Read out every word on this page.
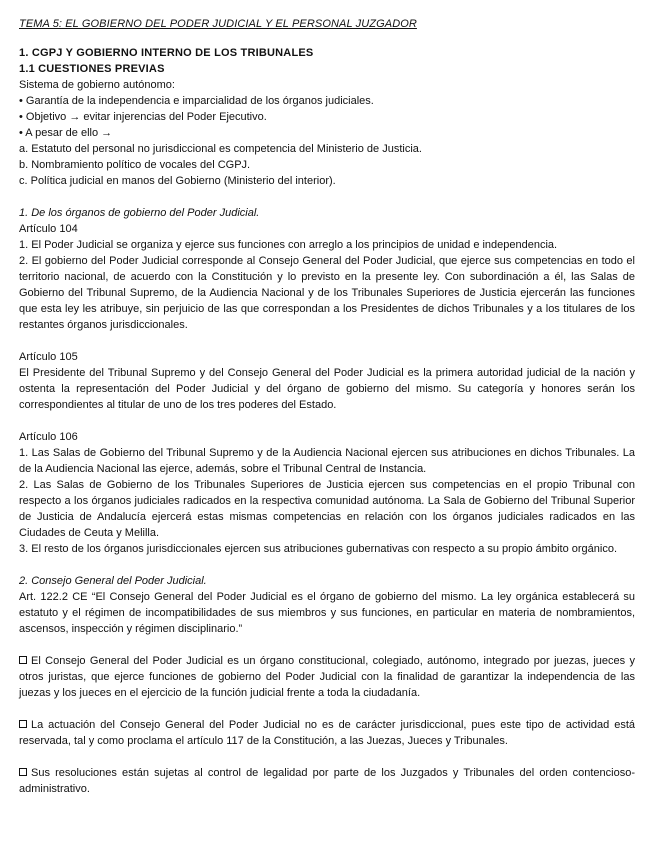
TEMA 5: EL GOBIERNO DEL PODER JUDICIAL Y EL PERSONAL JUZGADOR

1. CGPJ Y GOBIERNO INTERNO DE LOS TRIBUNALES

1.1 CUESTIONES PREVIAS

Sistema de gobierno autónomo:

• Garantía de la independencia e imparcialidad de los órganos judiciales.

• Objetivo → evitar injerencias del Poder Ejecutivo.

• A pesar de ello →

a. Estatuto del personal no jurisdiccional es competencia del Ministerio de Justicia.

b. Nombramiento político de vocales del CGPJ.

c. Política judicial en manos del Gobierno (Ministerio del interior).

1. De los órganos de gobierno del Poder Judicial.

Artículo 104

1. El Poder Judicial se organiza y ejerce sus funciones con arreglo a los principios de unidad e independencia.

2. El gobierno del Poder Judicial corresponde al Consejo General del Poder Judicial, que ejerce sus competencias en todo el territorio nacional, de acuerdo con la Constitución y lo previsto en la presente ley. Con subordinación a él, las Salas de Gobierno del Tribunal Supremo, de la Audiencia Nacional y de los Tribunales Superiores de Justicia ejercerán las funciones que esta ley les atribuye, sin perjuicio de las que correspondan a los Presidentes de dichos Tribunales y a los titulares de los restantes órganos jurisdiccionales.

Artículo 105

El Presidente del Tribunal Supremo y del Consejo General del Poder Judicial es la primera autoridad judicial de la nación y ostenta la representación del Poder Judicial y del órgano de gobierno del mismo. Su categoría y honores serán los correspondientes al titular de uno de los tres poderes del Estado.

Artículo 106

1. Las Salas de Gobierno del Tribunal Supremo y de la Audiencia Nacional ejercen sus atribuciones en dichos Tribunales. La de la Audiencia Nacional las ejerce, además, sobre el Tribunal Central de Instancia.

2. Las Salas de Gobierno de los Tribunales Superiores de Justicia ejercen sus competencias en el propio Tribunal con respecto a los órganos judiciales radicados en la respectiva comunidad autónoma. La Sala de Gobierno del Tribunal Superior de Justicia de Andalucía ejercerá estas mismas competencias en relación con los órganos judiciales radicados en las Ciudades de Ceuta y Melilla.

3. El resto de los órganos jurisdiccionales ejercen sus atribuciones gubernativas con respecto a su propio ámbito orgánico.

2. Consejo General del Poder Judicial.

Art. 122.2 CE “El Consejo General del Poder Judicial es el órgano de gobierno del mismo. La ley orgánica establecerá su estatuto y el régimen de incompatibilidades de sus miembros y sus funciones, en particular en materia de nombramientos, ascensos, inspección y régimen disciplinario.”

El Consejo General del Poder Judicial es un órgano constitucional, colegiado, autónomo, integrado por juezas, jueces y otros juristas, que ejerce funciones de gobierno del Poder Judicial con la finalidad de garantizar la independencia de las juezas y los jueces en el ejercicio de la función judicial frente a toda la ciudadanía.

La actuación del Consejo General del Poder Judicial no es de carácter jurisdiccional, pues este tipo de actividad está reservada, tal y como proclama el artículo 117 de la Constitución, a las Juezas, Jueces y Tribunales.

Sus resoluciones están sujetas al control de legalidad por parte de los Juzgados y Tribunales del orden contencioso-administrativo.
